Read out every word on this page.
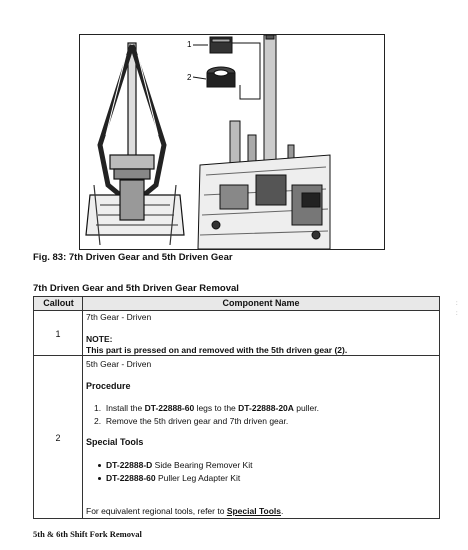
1
2
Fig. 83: 7th Driven Gear and 5th Driven Gear
7th Driven Gear and 5th Driven Gear Removal
Callout	Component Name
1
7th Gear - Driven
NOTE:
This part is pressed on and removed with the 5th driven gear (2).
2
5th Gear - Driven
Procedure
1. Install the DT-22888-60 legs to the DT-22888-20A puller.
2. Remove the 5th driven gear and 7th driven gear.
Special Tools
DT-22888-D Side Bearing Remover Kit
DT-22888-60 Puller Leg Adapter Kit
For equivalent regional tools, refer to Special Tools.
5th & 6th Shift Fork Removal
:
:
